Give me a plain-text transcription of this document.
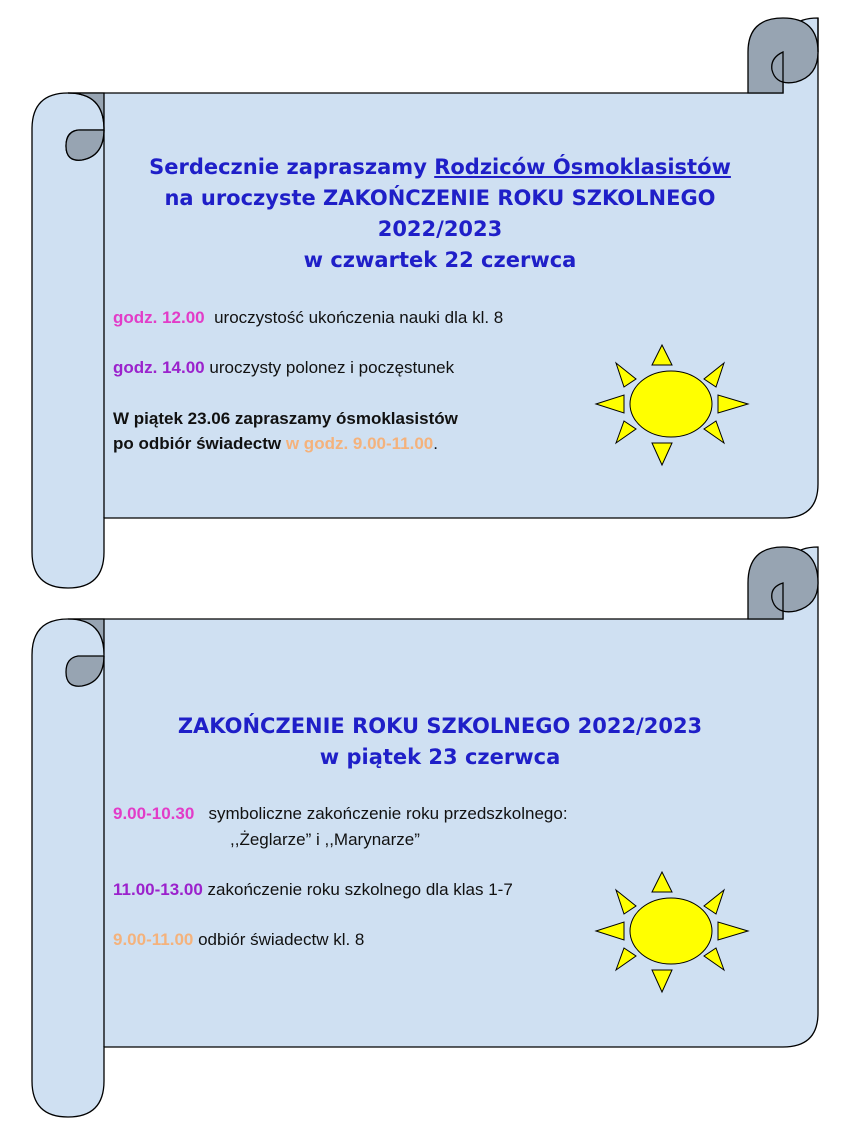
Serdecznie zapraszamy Rodziców Ósmoklasistów
na uroczyste ZAKOŃCZENIE ROKU SZKOLNEGO
2022/2023
w czwartek 22 czerwca
godz. 12.00 uroczystość ukończenia nauki dla kl. 8
godz. 14.00 uroczysty polonez i poczęstunek
W piątek 23.06 zapraszamy ósmoklasistów
po odbiór świadectw w godz. 9.00-11.00.
ZAKOŃCZENIE ROKU SZKOLNEGO 2022/2023
w piątek 23 czerwca
9.00-10.30 symboliczne zakończenie roku przedszkolnego:
,,Żeglarze” i ,,Marynarze”
11.00-13.00 zakończenie roku szkolnego dla klas 1-7
9.00-11.00 odbiór świadectw kl. 8
